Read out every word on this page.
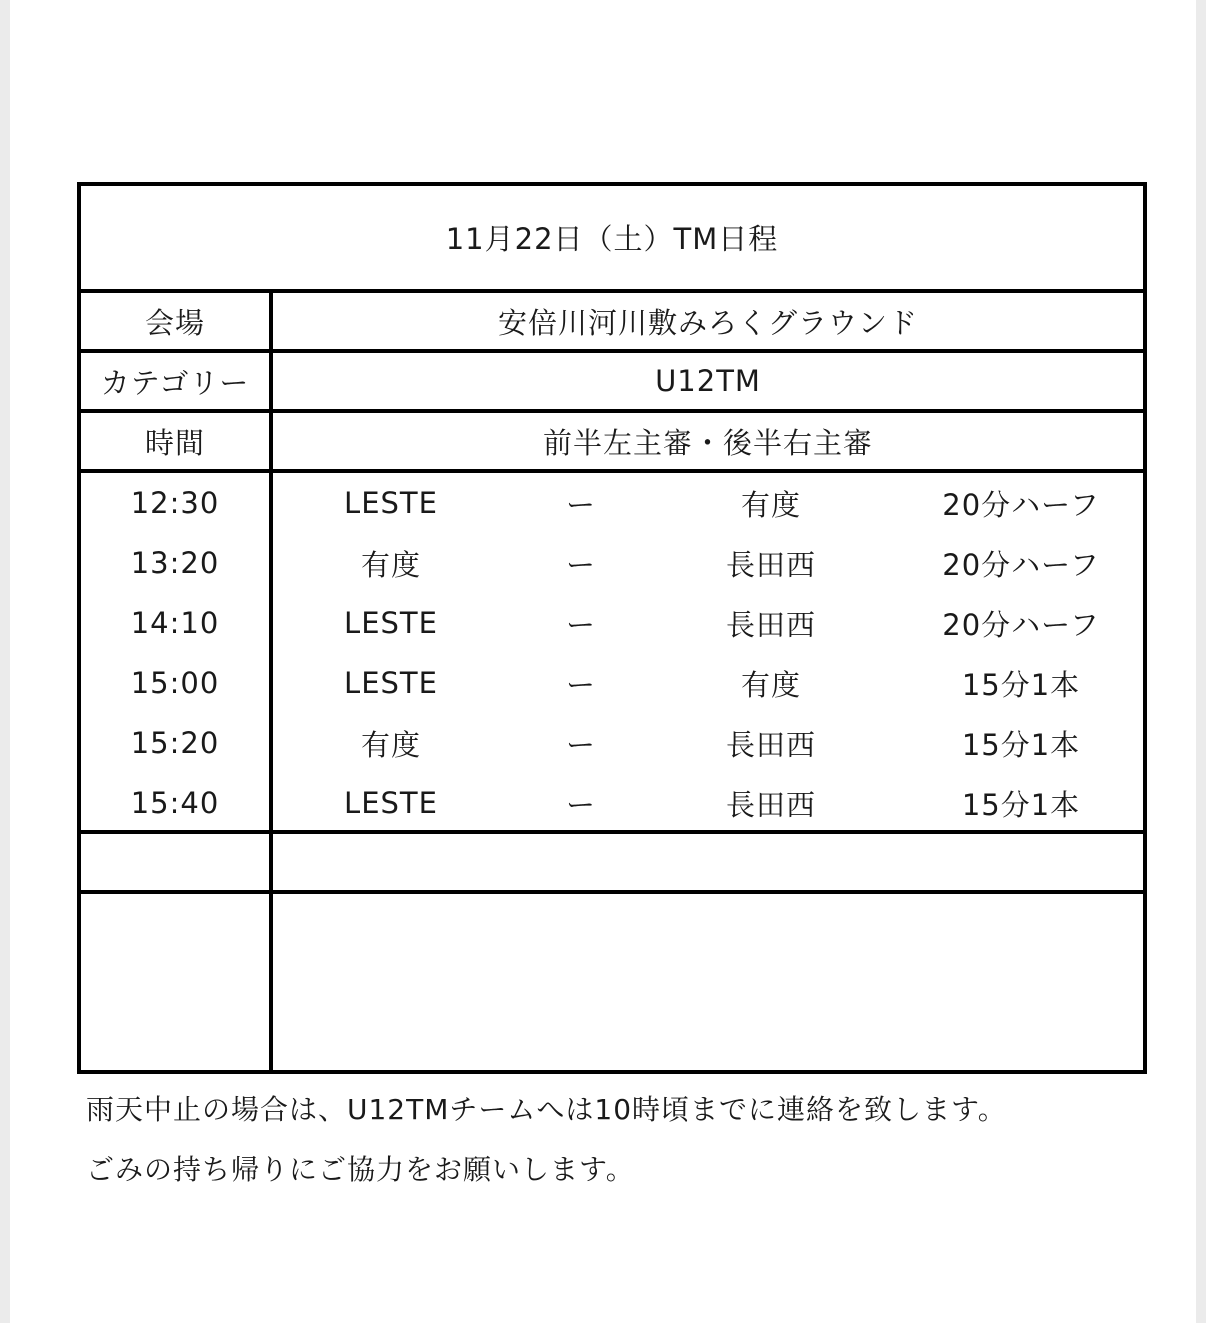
11月22日（土）TM日程
会場	安倍川河川敷みろくグラウンド
カテゴリー	U12TM
時間	前半左主審・後半右主審
12:30	LESTE	ー	有度	20分ハーフ
13:20	有度	ー	長田西	20分ハーフ
14:10	LESTE	ー	長田西	20分ハーフ
15:00	LESTE	ー	有度	15分1本
15:20	有度	ー	長田西	15分1本
15:40	LESTE	ー	長田西	15分1本
雨天中止の場合は、U12TMチームへは10時頃までに連絡を致します。
ごみの持ち帰りにご協力をお願いします。
